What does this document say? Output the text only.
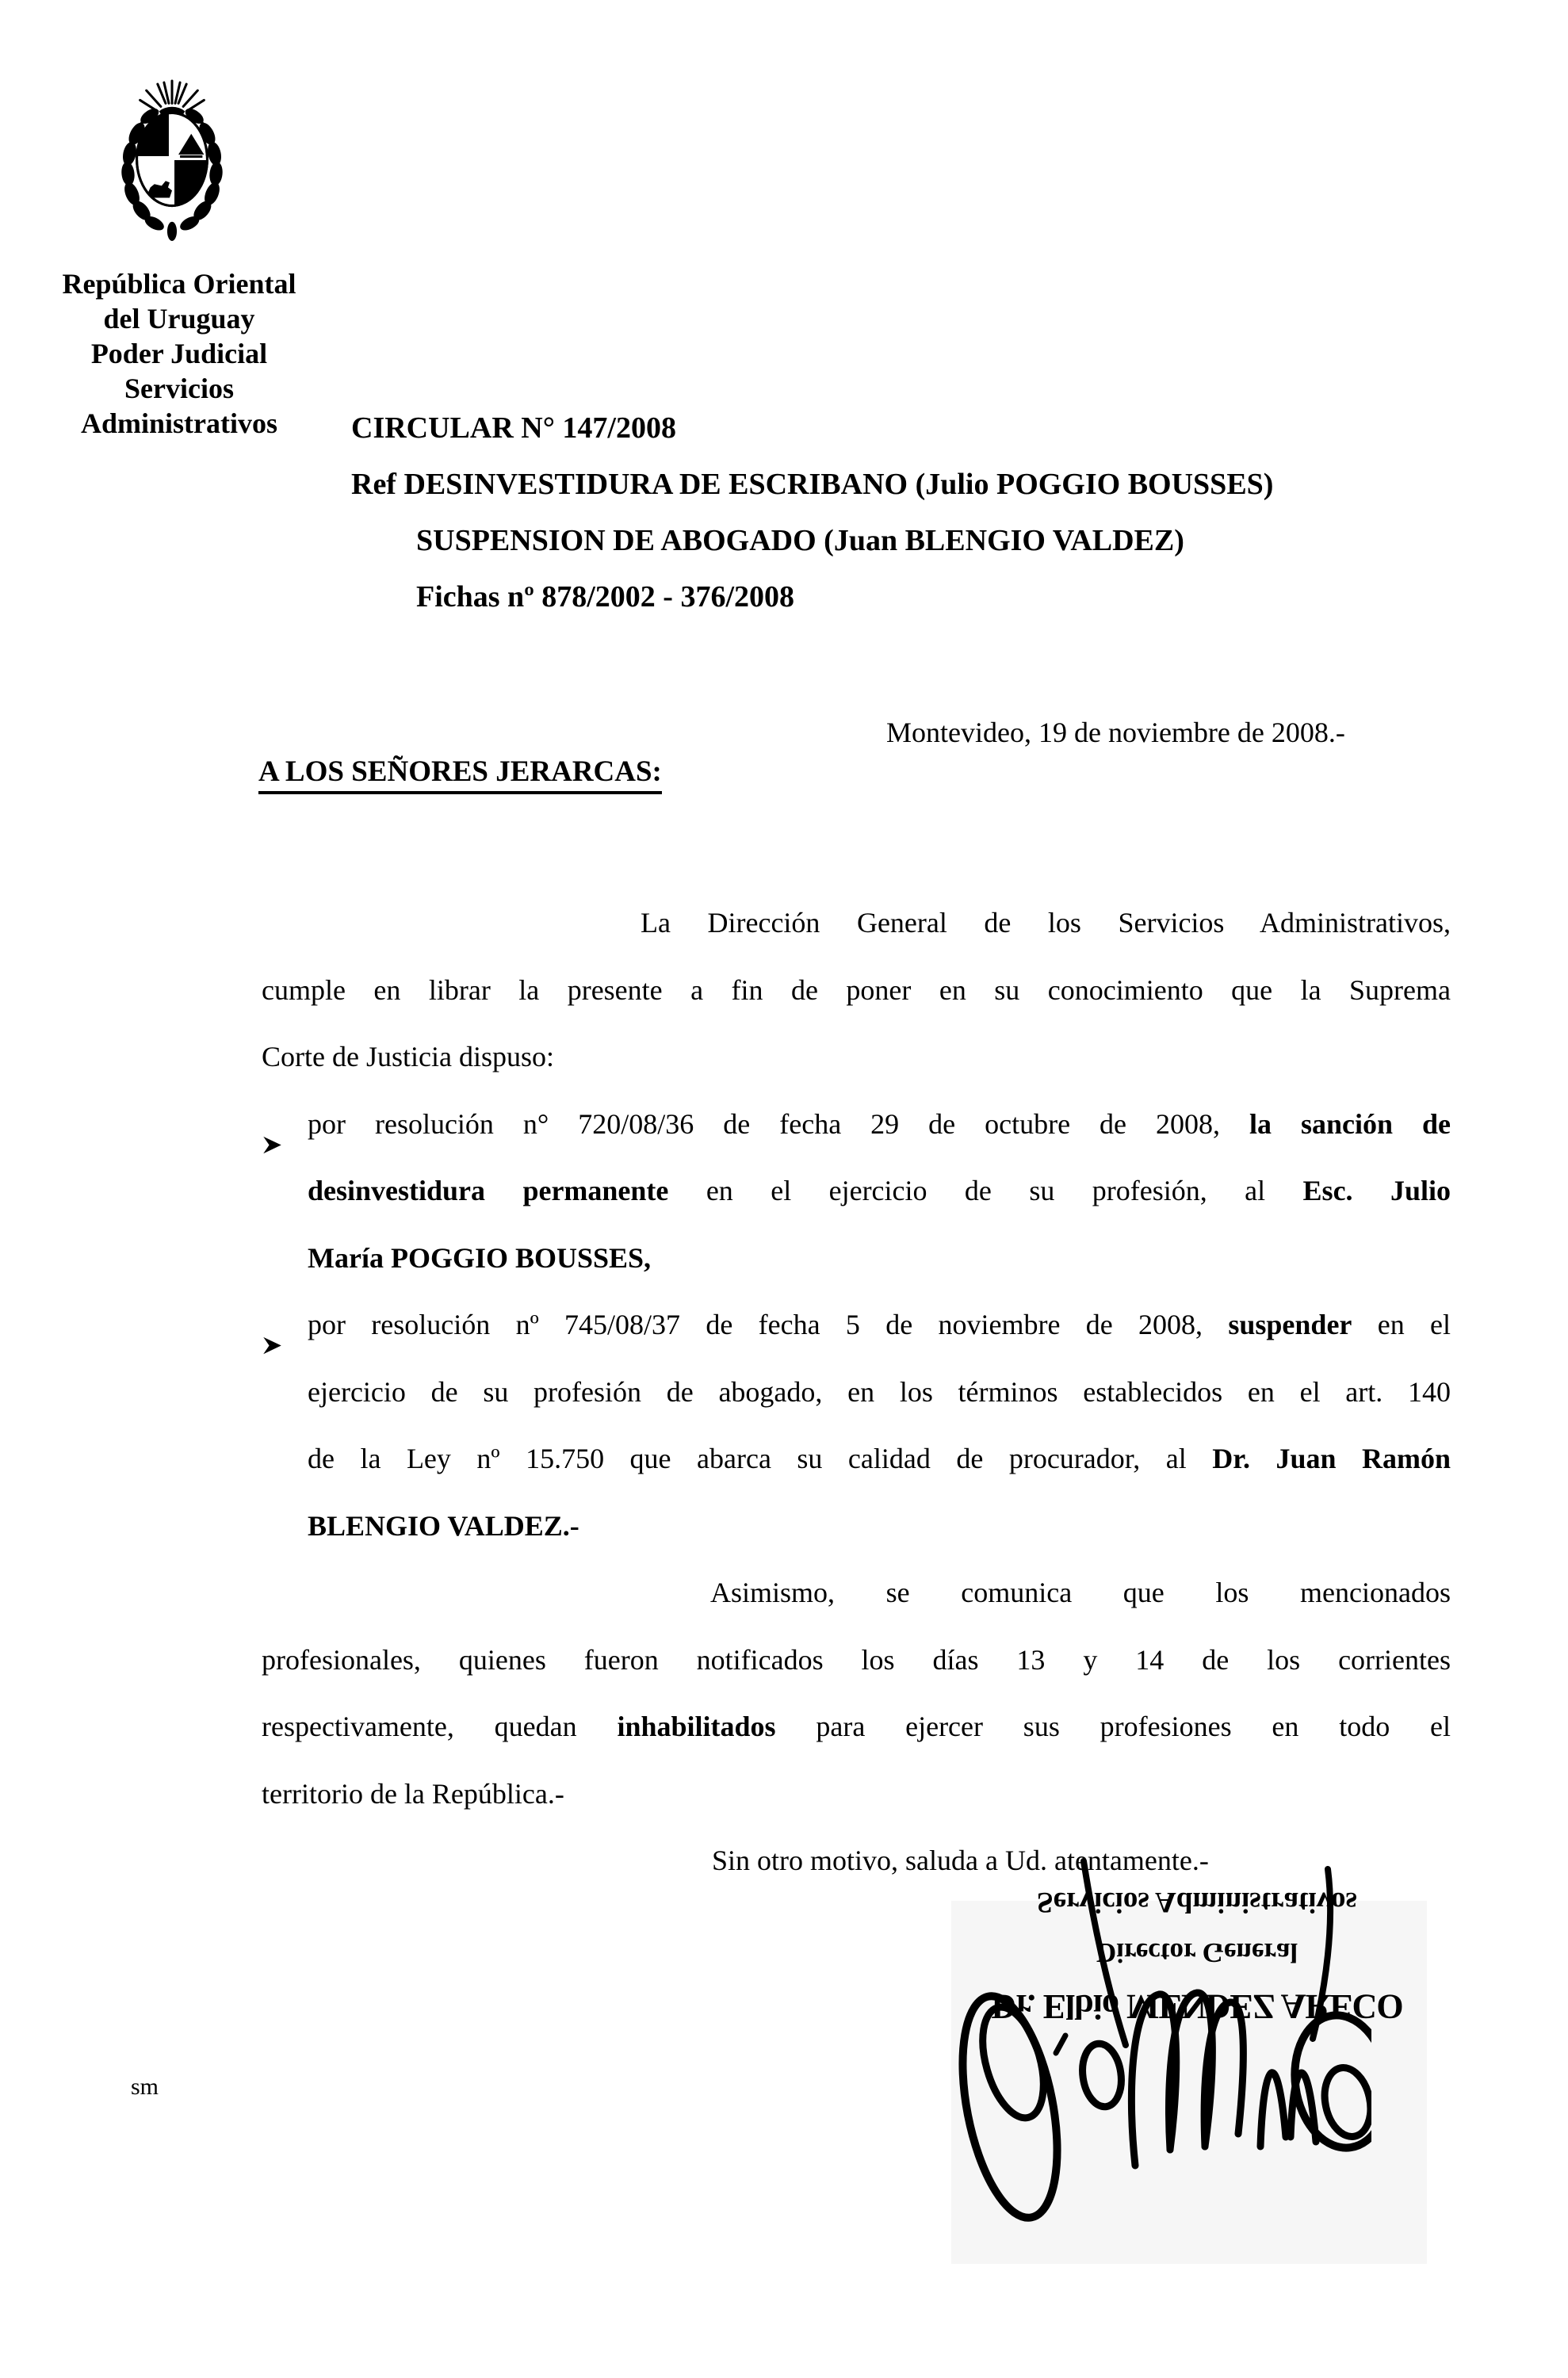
República Oriental
del Uruguay
Poder Judicial
Servicios
Administrativos	CIRCULAR N° 147/2008
Ref DESINVESTIDURA DE ESCRIBANO (Julio POGGIO BOUSSES)
SUSPENSION DE ABOGADO (Juan BLENGIO VALDEZ)
Fichas nº 878/2002 - 376/2008
Montevideo, 19 de noviembre de 2008.-
A LOS SEÑORES JERARCAS:
La Dirección General de los Servicios Administrativos,
cumple en librar la presente a fin de poner en su conocimiento que la Suprema
Corte de Justicia dispuso:
por resolución n° 720/08/36 de fecha 29 de octubre de 2008, la sanción de
desinvestidura permanente en el ejercicio de su profesión, al Esc. Julio
María POGGIO BOUSSES,
por resolución nº 745/08/37 de fecha 5 de noviembre de 2008, suspender en el
ejercicio de su profesión de abogado, en los términos establecidos en el art. 140
de la Ley nº 15.750 que abarca su calidad de procurador, al Dr. Juan Ramón
BLENGIO VALDEZ.-
Asimismo, se comunica que los mencionados
profesionales, quienes fueron notificados los días 13 y 14 de los corrientes
respectivamente, quedan inhabilitados para ejercer sus profesiones en todo el
territorio de la República.-
Sin otro motivo, saluda a Ud. atentamente.-
Servicios Administrativos
Director General
Dr. Elbio MENDEZ ARECO
sm
